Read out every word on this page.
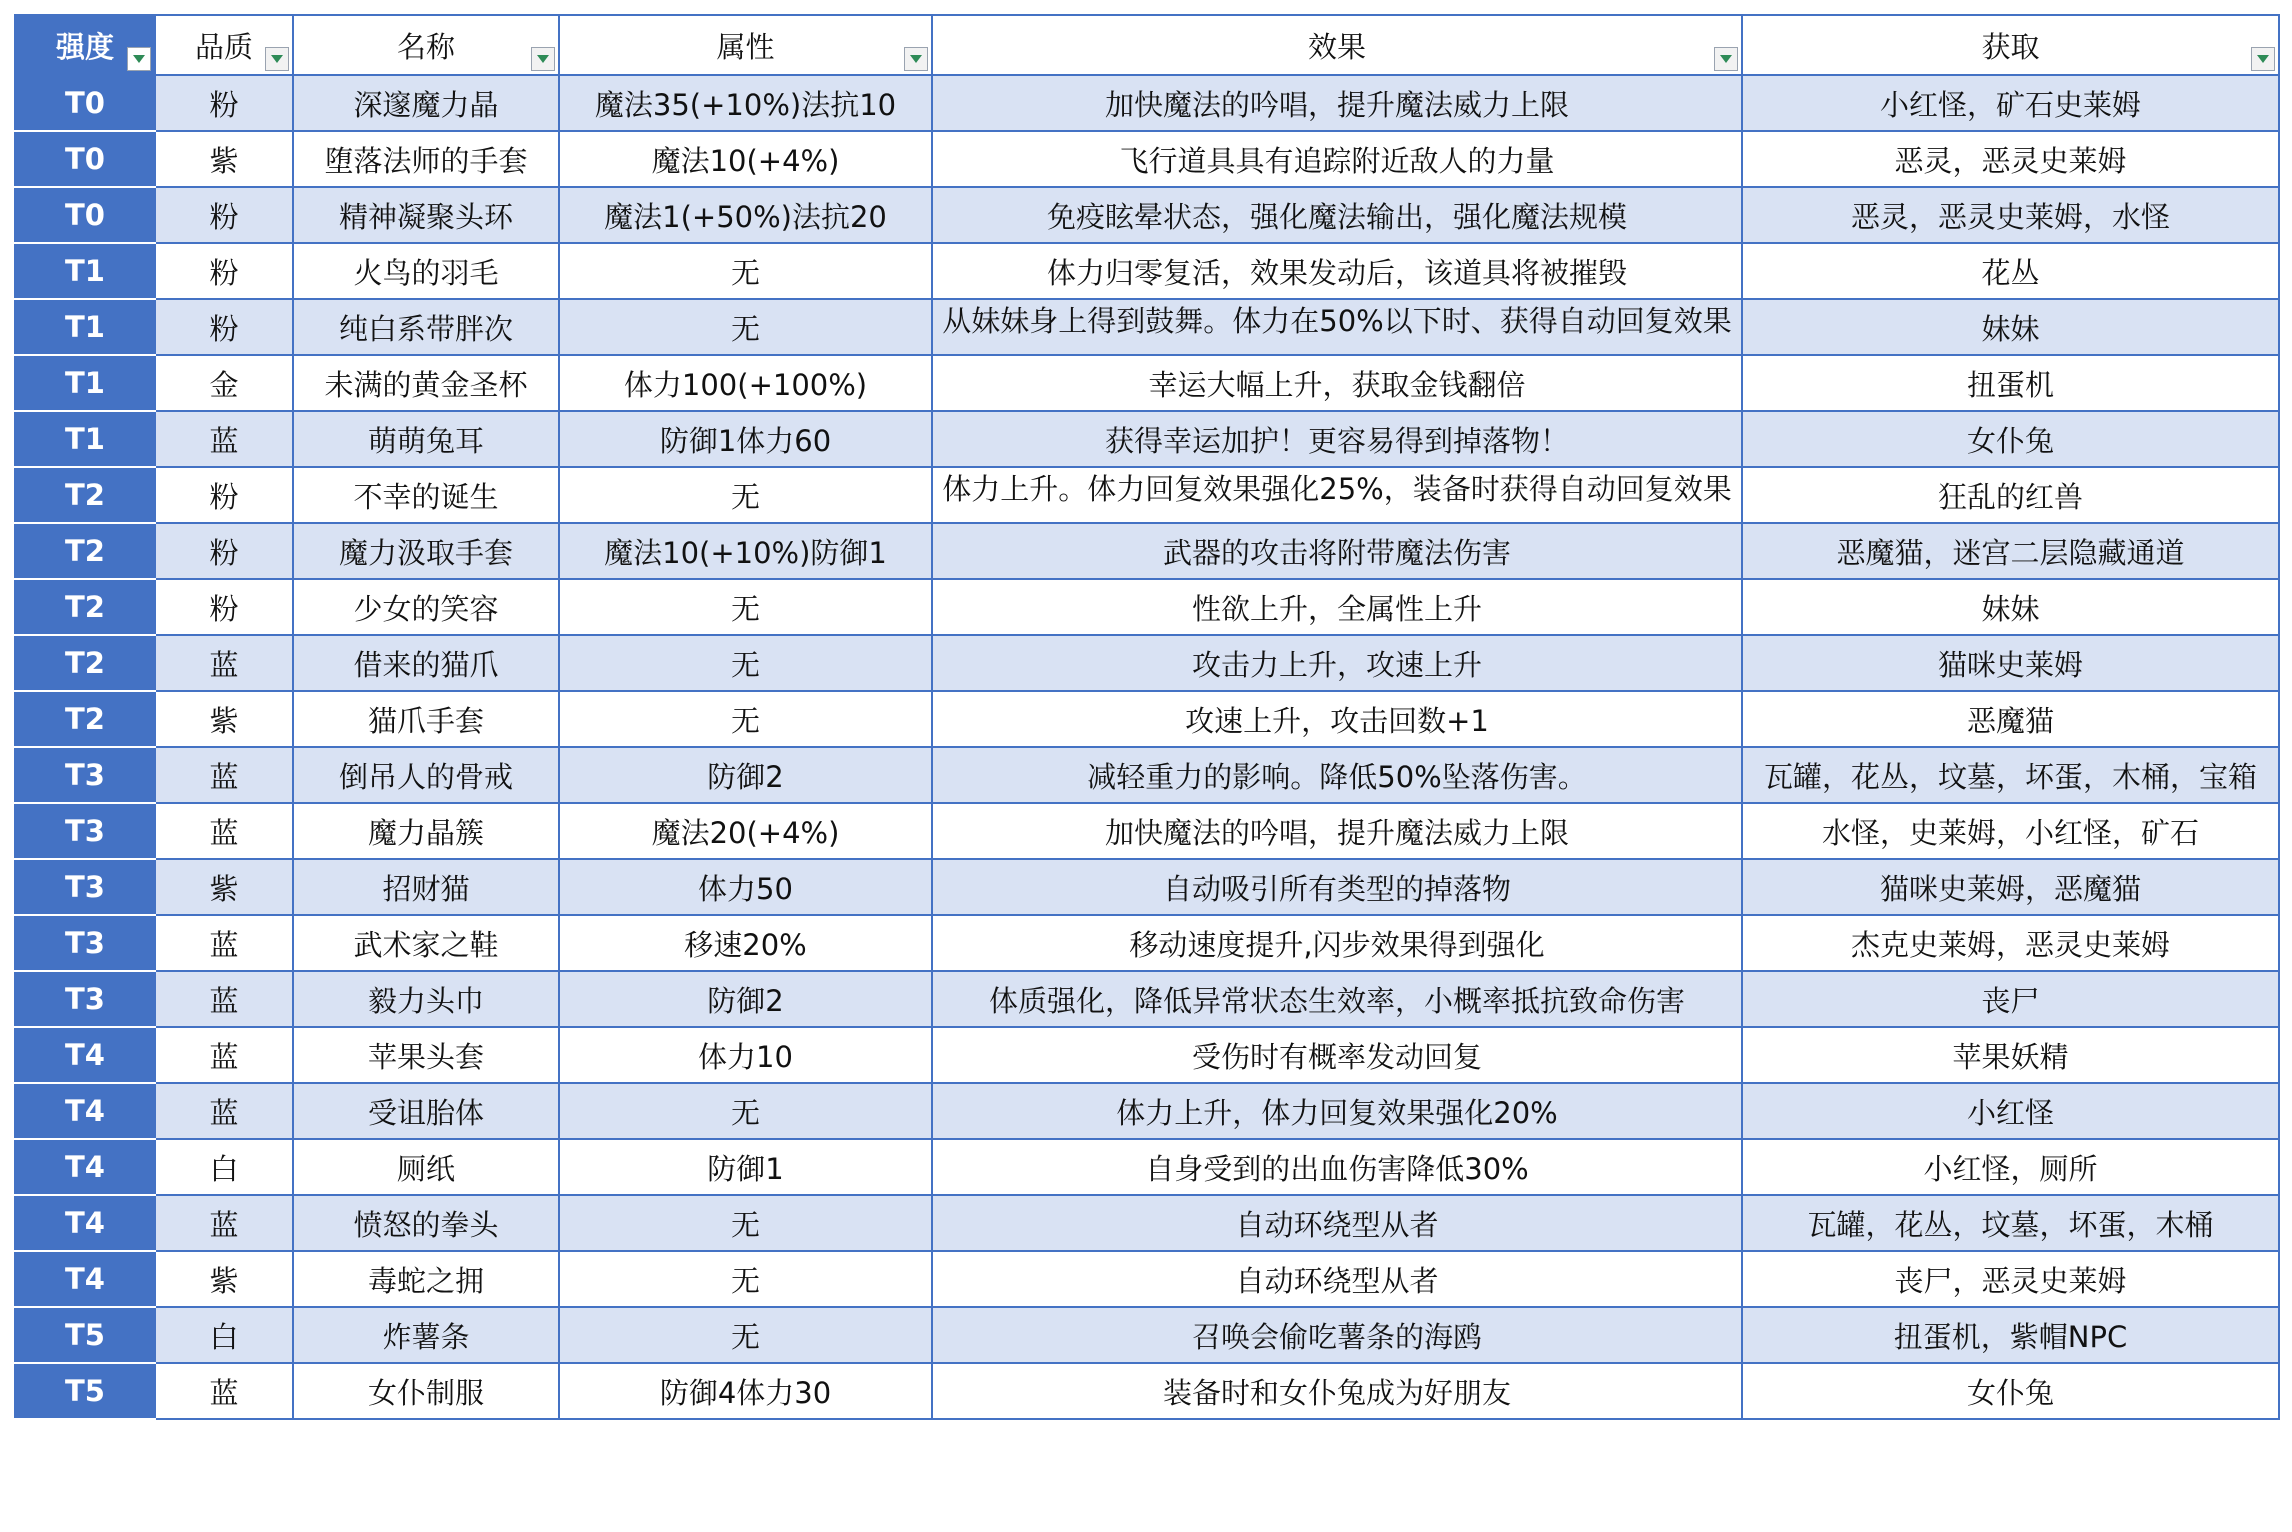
强度	品质	名称	属性	效果	获取

T0	粉	深邃魔力晶	魔法35(+10%)法抗10	加快魔法的吟唱，提升魔法威力上限	小红怪，矿石史莱姆
T0	紫	堕落法师的手套	魔法10(+4%)	飞行道具具有追踪附近敌人的力量	恶灵，恶灵史莱姆
T0	粉	精神凝聚头环	魔法1(+50%)法抗20	免疫眩晕状态，强化魔法输出，强化魔法规模	恶灵，恶灵史莱姆，水怪
T1	粉	火鸟的羽毛	无	体力归零复活，效果发动后，该道具将被摧毁	花丛
T1	粉	纯白系带胖次	无	从妹妹身上得到鼓舞。体力在50%以下时、获得自动回复效果	妹妹
T1	金	未满的黄金圣杯	体力100(+100%)	幸运大幅上升，获取金钱翻倍	扭蛋机
T1	蓝	萌萌兔耳	防御1体力60	获得幸运加护！更容易得到掉落物！	女仆兔
T2	粉	不幸的诞生	无	体力上升。体力回复效果强化25%，装备时获得自动回复效果	狂乱的红兽
T2	粉	魔力汲取手套	魔法10(+10%)防御1	武器的攻击将附带魔法伤害	恶魔猫，迷宫二层隐藏通道
T2	粉	少女的笑容	无	性欲上升，全属性上升	妹妹
T2	蓝	借来的猫爪	无	攻击力上升，攻速上升	猫咪史莱姆
T2	紫	猫爪手套	无	攻速上升，攻击回数+1	恶魔猫
T3	蓝	倒吊人的骨戒	防御2	减轻重力的影响。降低50%坠落伤害。	瓦罐，花丛，坟墓，坏蛋，木桶，宝箱
T3	蓝	魔力晶簇	魔法20(+4%)	加快魔法的吟唱，提升魔法威力上限	水怪，史莱姆，小红怪，矿石
T3	紫	招财猫	体力50	自动吸引所有类型的掉落物	猫咪史莱姆，恶魔猫
T3	蓝	武术家之鞋	移速20%	移动速度提升,闪步效果得到强化	杰克史莱姆，恶灵史莱姆
T3	蓝	毅力头巾	防御2	体质强化，降低异常状态生效率，小概率抵抗致命伤害	丧尸
T4	蓝	苹果头套	体力10	受伤时有概率发动回复	苹果妖精
T4	蓝	受诅胎体	无	体力上升，体力回复效果强化20%	小红怪
T4	白	厕纸	防御1	自身受到的出血伤害降低30%	小红怪，厕所
T4	蓝	愤怒的拳头	无	自动环绕型从者	瓦罐，花丛，坟墓，坏蛋，木桶
T4	紫	毒蛇之拥	无	自动环绕型从者	丧尸，恶灵史莱姆
T5	白	炸薯条	无	召唤会偷吃薯条的海鸥	扭蛋机，紫帽NPC
T5	蓝	女仆制服	防御4体力30	装备时和女仆兔成为好朋友	女仆兔
